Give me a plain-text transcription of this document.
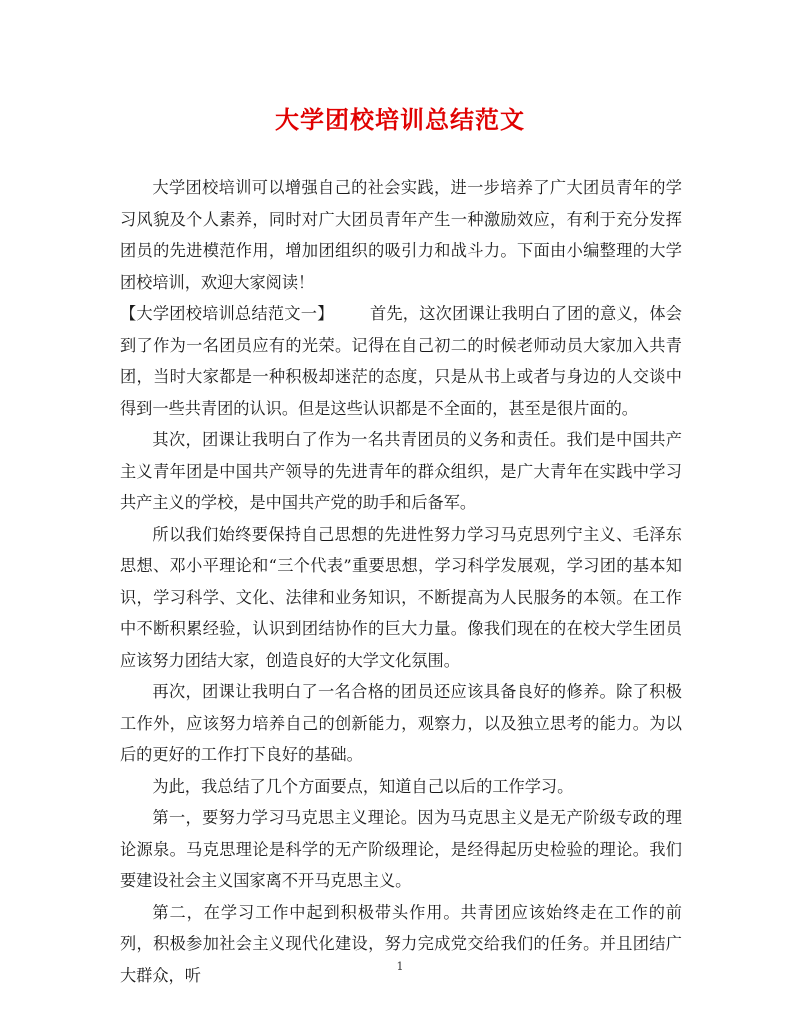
大学团校培训总结范文

大学团校培训可以增强自己的社会实践，进一步培养了广大团员青年的学习风貌及个人素养，同时对广大团员青年产生一种激励效应，有利于充分发挥团员的先进模范作用，增加团组织的吸引力和战斗力。下面由小编整理的大学团校培训，欢迎大家阅读！

【大学团校培训总结范文一】 首先，这次团课让我明白了团的意义，体会到了作为一名团员应有的光荣。记得在自己初二的时候老师动员大家加入共青团，当时大家都是一种积极却迷茫的态度，只是从书上或者与身边的人交谈中得到一些共青团的认识。但是这些认识都是不全面的，甚至是很片面的。

其次，团课让我明白了作为一名共青团员的义务和责任。我们是中国共产主义青年团是中国共产领导的先进青年的群众组织，是广大青年在实践中学习共产主义的学校，是中国共产党的助手和后备军。

所以我们始终要保持自己思想的先进性努力学习马克思列宁主义、毛泽东思想、邓小平理论和“三个代表”重要思想，学习科学发展观，学习团的基本知识，学习科学、文化、法律和业务知识，不断提高为人民服务的本领。在工作中不断积累经验，认识到团结协作的巨大力量。像我们现在的在校大学生团员应该努力团结大家，创造良好的大学文化氛围。

再次，团课让我明白了一名合格的团员还应该具备良好的修养。除了积极工作外，应该努力培养自己的创新能力，观察力，以及独立思考的能力。为以后的更好的工作打下良好的基础。

为此，我总结了几个方面要点，知道自己以后的工作学习。

第一，要努力学习马克思主义理论。因为马克思主义是无产阶级专政的理论源泉。马克思理论是科学的无产阶级理论，是经得起历史检验的理论。我们要建设社会主义国家离不开马克思主义。

第二，在学习工作中起到积极带头作用。共青团应该始终走在工作的前列，积极参加社会主义现代化建设，努力完成党交给我们的任务。并且团结广大群众，听	1
